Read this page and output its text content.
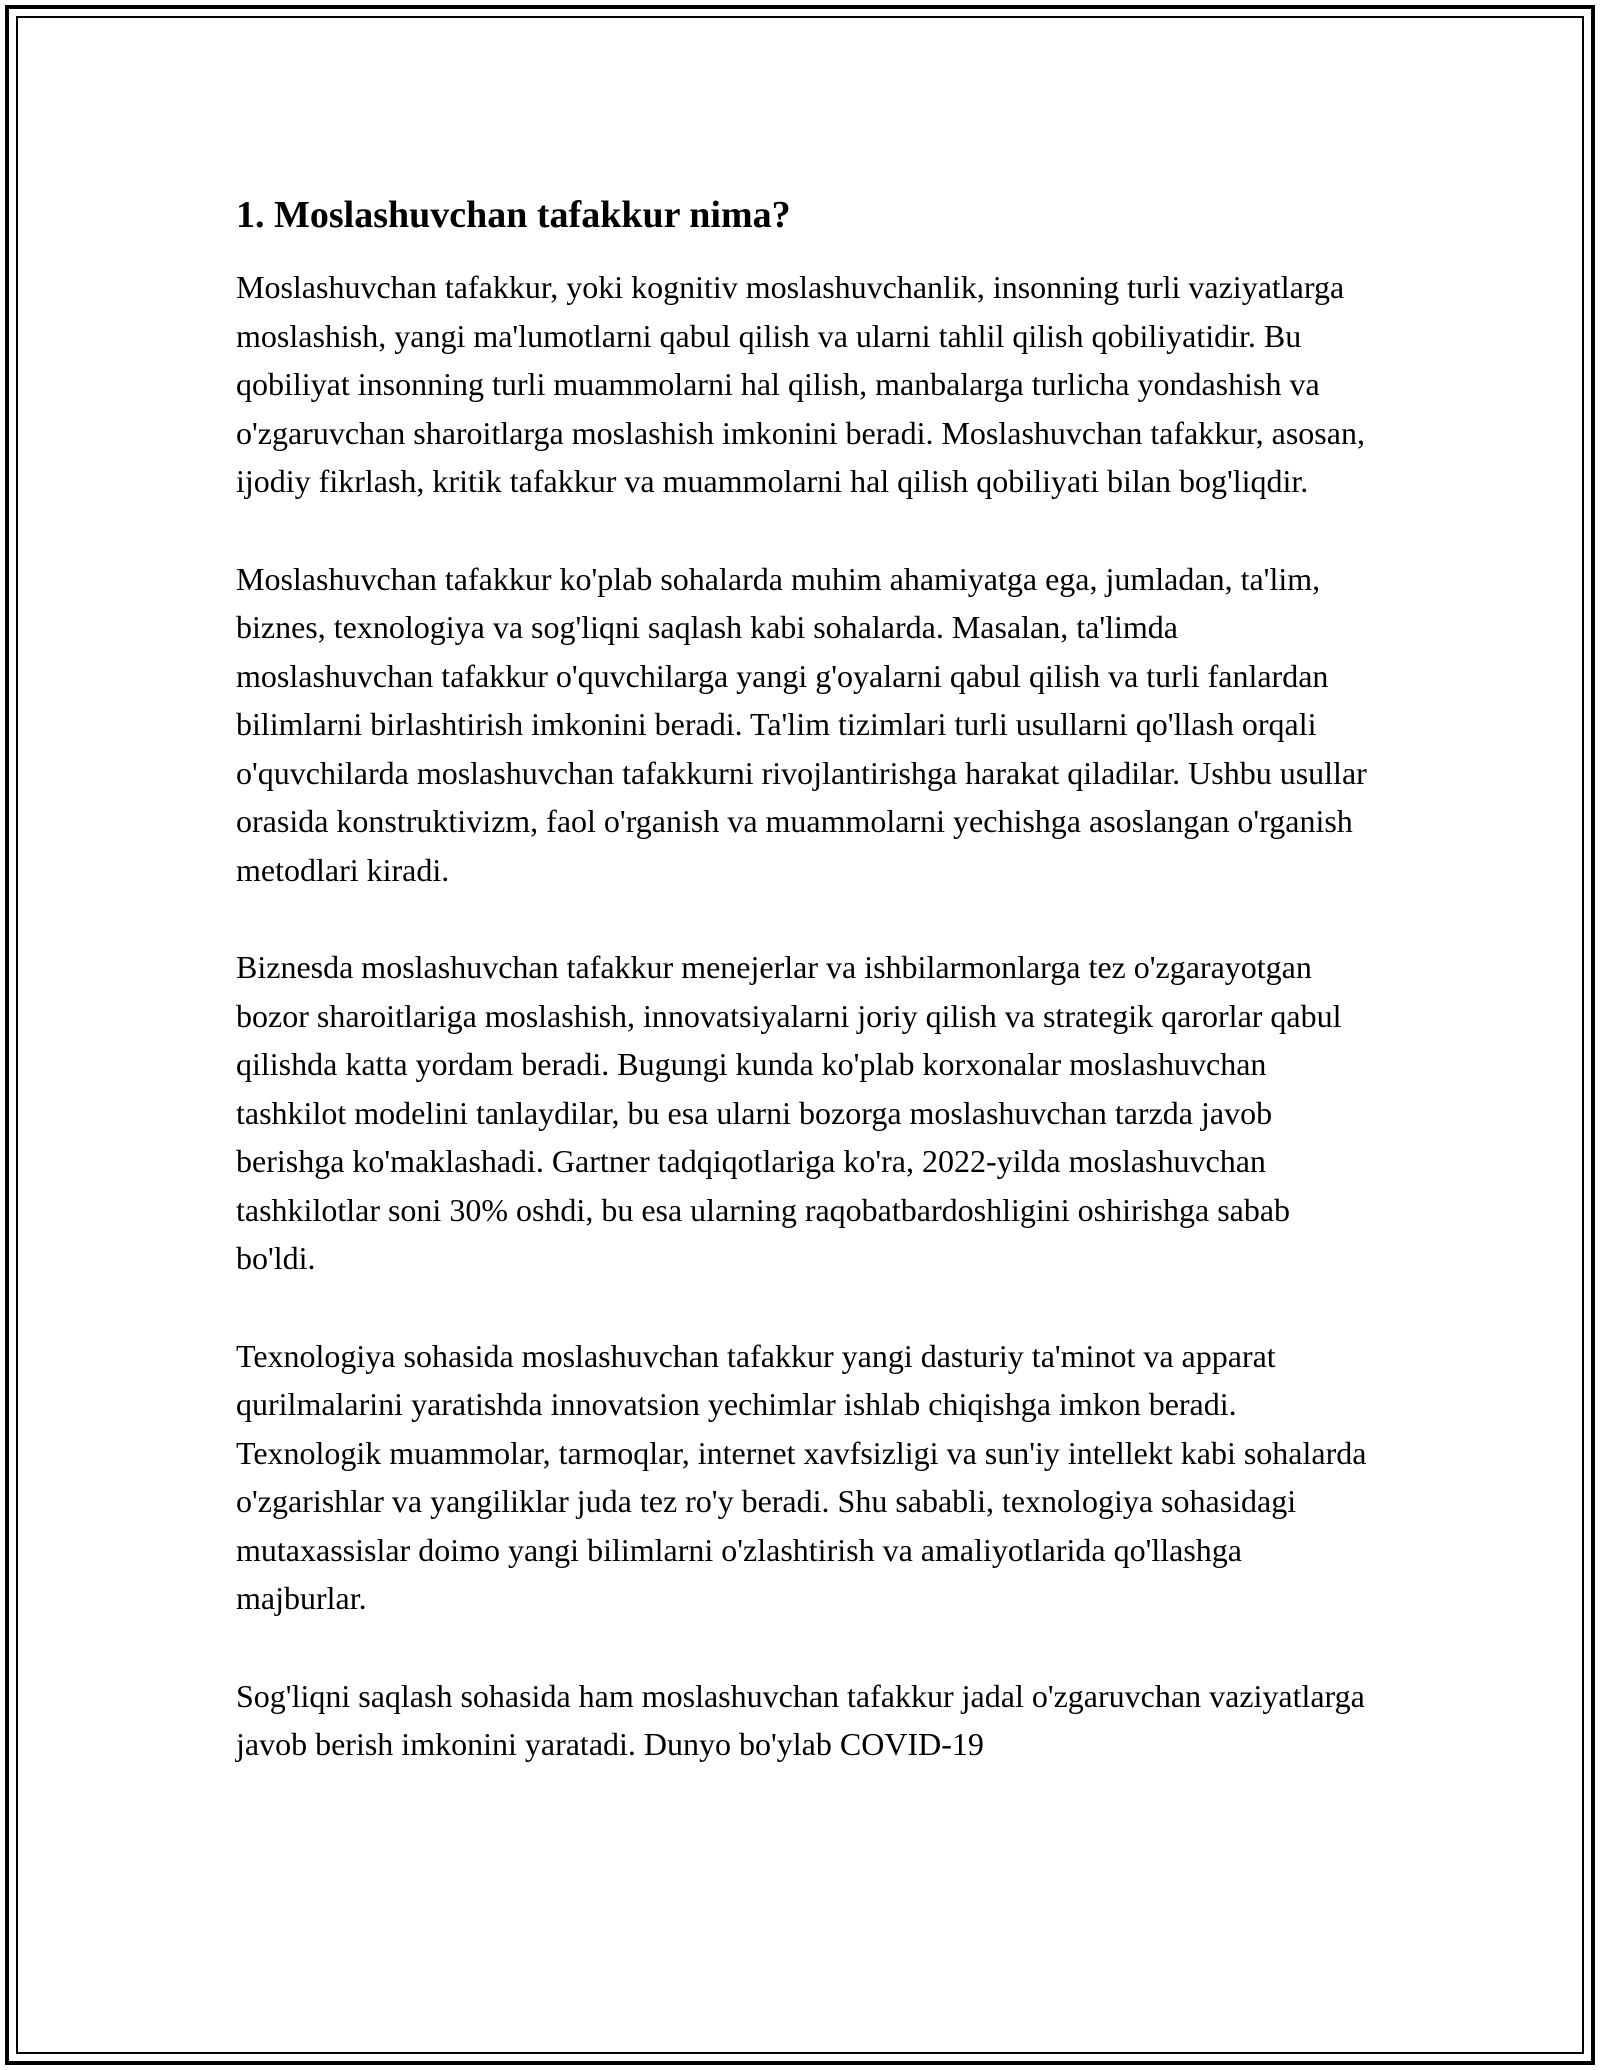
1. Moslashuvchan tafakkur nima?

Moslashuvchan tafakkur, yoki kognitiv moslashuvchanlik, insonning turli vaziyatlarga moslashish, yangi ma'lumotlarni qabul qilish va ularni tahlil qilish qobiliyatidir. Bu qobiliyat insonning turli muammolarni hal qilish, manbalarga turlicha yondashish va o'zgaruvchan sharoitlarga moslashish imkonini beradi. Moslashuvchan tafakkur, asosan, ijodiy fikrlash, kritik tafakkur va muammolarni hal qilish qobiliyati bilan bog'liqdir.

Moslashuvchan tafakkur ko'plab sohalarda muhim ahamiyatga ega, jumladan, ta'lim, biznes, texnologiya va sog'liqni saqlash kabi sohalarda. Masalan, ta'limda moslashuvchan tafakkur o'quvchilarga yangi g'oyalarni qabul qilish va turli fanlardan bilimlarni birlashtirish imkonini beradi. Ta'lim tizimlari turli usullarni qo'llash orqali o'quvchilarda moslashuvchan tafakkurni rivojlantirishga harakat qiladilar. Ushbu usullar orasida konstruktivizm, faol o'rganish va muammolarni yechishga asoslangan o'rganish metodlari kiradi.

Biznesda moslashuvchan tafakkur menejerlar va ishbilarmonlarga tez o'zgarayotgan bozor sharoitlariga moslashish, innovatsiyalarni joriy qilish va strategik qarorlar qabul qilishda katta yordam beradi. Bugungi kunda ko'plab korxonalar moslashuvchan tashkilot modelini tanlaydilar, bu esa ularni bozorga moslashuvchan tarzda javob berishga ko'maklashadi. Gartner tadqiqotlariga ko'ra, 2022-yilda moslashuvchan tashkilotlar soni 30% oshdi, bu esa ularning raqobatbardoshligini oshirishga sabab bo'ldi.

Texnologiya sohasida moslashuvchan tafakkur yangi dasturiy ta'minot va apparat qurilmalarini yaratishda innovatsion yechimlar ishlab chiqishga imkon beradi. Texnologik muammolar, tarmoqlar, internet xavfsizligi va sun'iy intellekt kabi sohalarda o'zgarishlar va yangiliklar juda tez ro'y beradi. Shu sababli, texnologiya sohasidagi mutaxassislar doimo yangi bilimlarni o'zlashtirish va amaliyotlarida qo'llashga majburlar.

Sog'liqni saqlash sohasida ham moslashuvchan tafakkur jadal o'zgaruvchan vaziyatlarga javob berish imkonini yaratadi. Dunyo bo'ylab COVID-19
